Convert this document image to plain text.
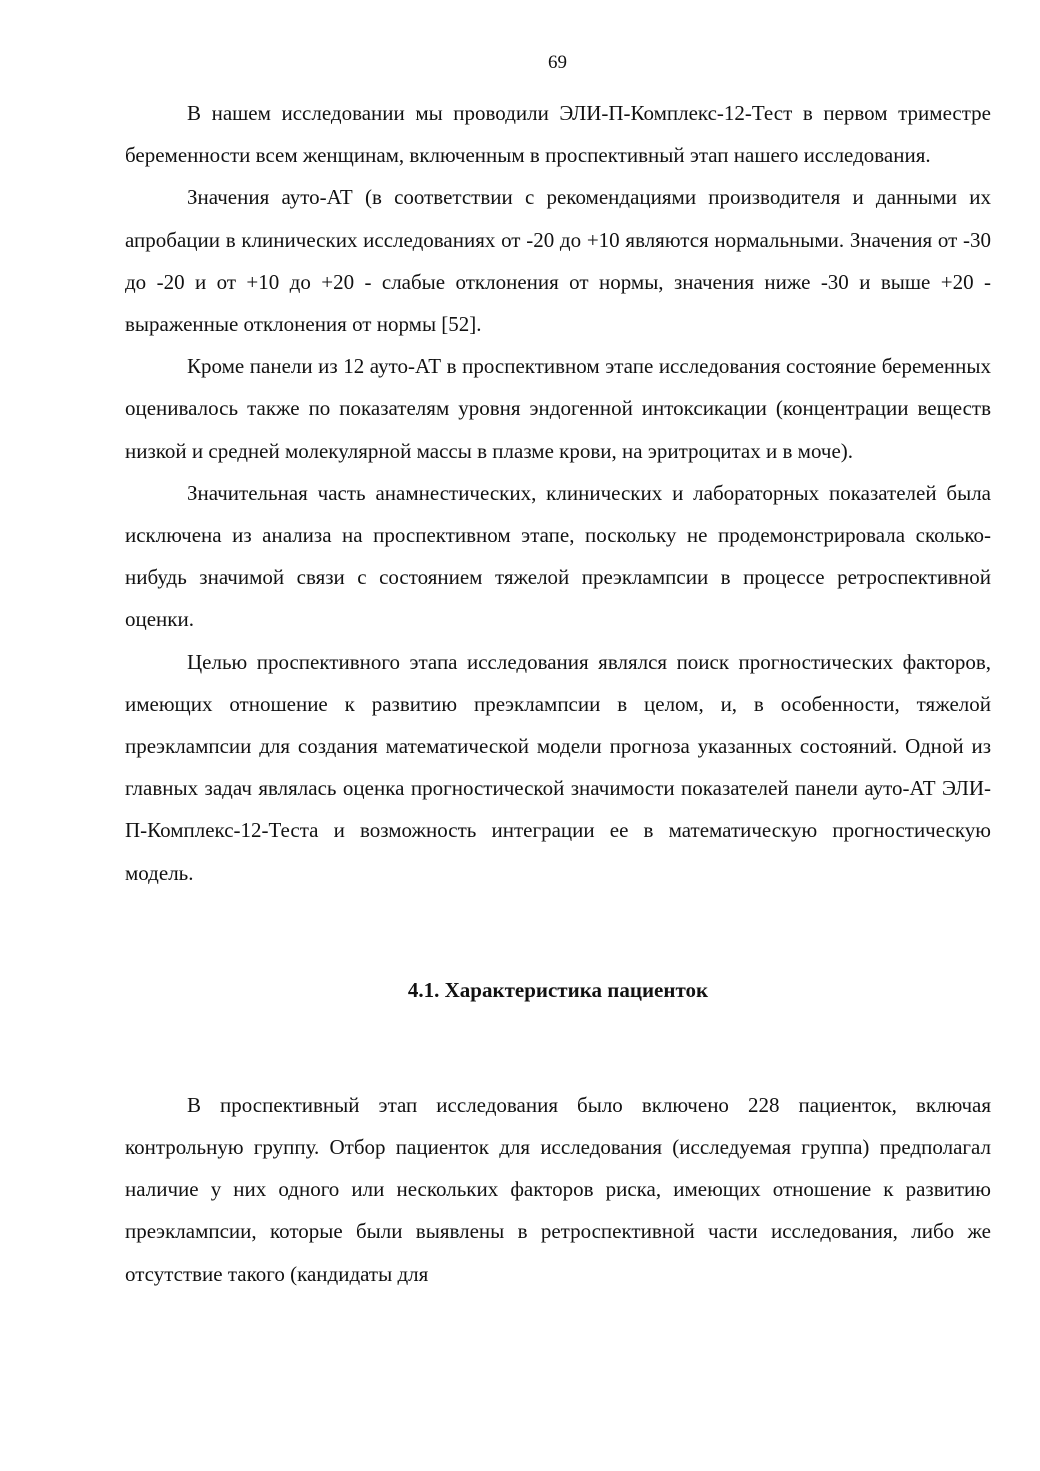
69

В нашем исследовании мы проводили ЭЛИ-П-Комплекс-12-Тест в первом триместре беременности всем женщинам, включенным в проспективный этап нашего исследования.

Значения ауто-АТ (в соответствии с рекомендациями производителя и данными их апробации в клинических исследованиях от -20 до +10 являются нормальными. Значения от -30 до -20 и от +10 до +20 - слабые отклонения от нормы, значения ниже -30 и выше +20 - выраженные отклонения от нормы [52].

Кроме панели из 12 ауто-АТ в проспективном этапе исследования состояние беременных оценивалось также по показателям уровня эндогенной интоксикации (концентрации веществ низкой и средней молекулярной массы в плазме крови, на эритроцитах и в моче).

Значительная часть анамнестических, клинических и лабораторных показателей была исключена из анализа на проспективном этапе, поскольку не продемонстрировала сколько-нибудь значимой связи с состоянием тяжелой преэклампсии в процессе ретроспективной оценки.

Целью проспективного этапа исследования являлся поиск прогностических факторов, имеющих отношение к развитию преэклампсии в целом, и, в особенности, тяжелой преэклампсии для создания математической модели прогноза указанных состояний. Одной из главных задач являлась оценка прогностической значимости показателей панели ауто-АТ ЭЛИ-П-Комплекс-12-Теста и возможность интеграции ее в математическую прогностическую модель.

4.1. Характеристика пациенток

В проспективный этап исследования было включено 228 пациенток, включая контрольную группу. Отбор пациенток для исследования (исследуемая группа) предполагал наличие у них одного или нескольких факторов риска, имеющих отношение к развитию преэклампсии, которые были выявлены в ретроспективной части исследования, либо же отсутствие такого (кандидаты для
